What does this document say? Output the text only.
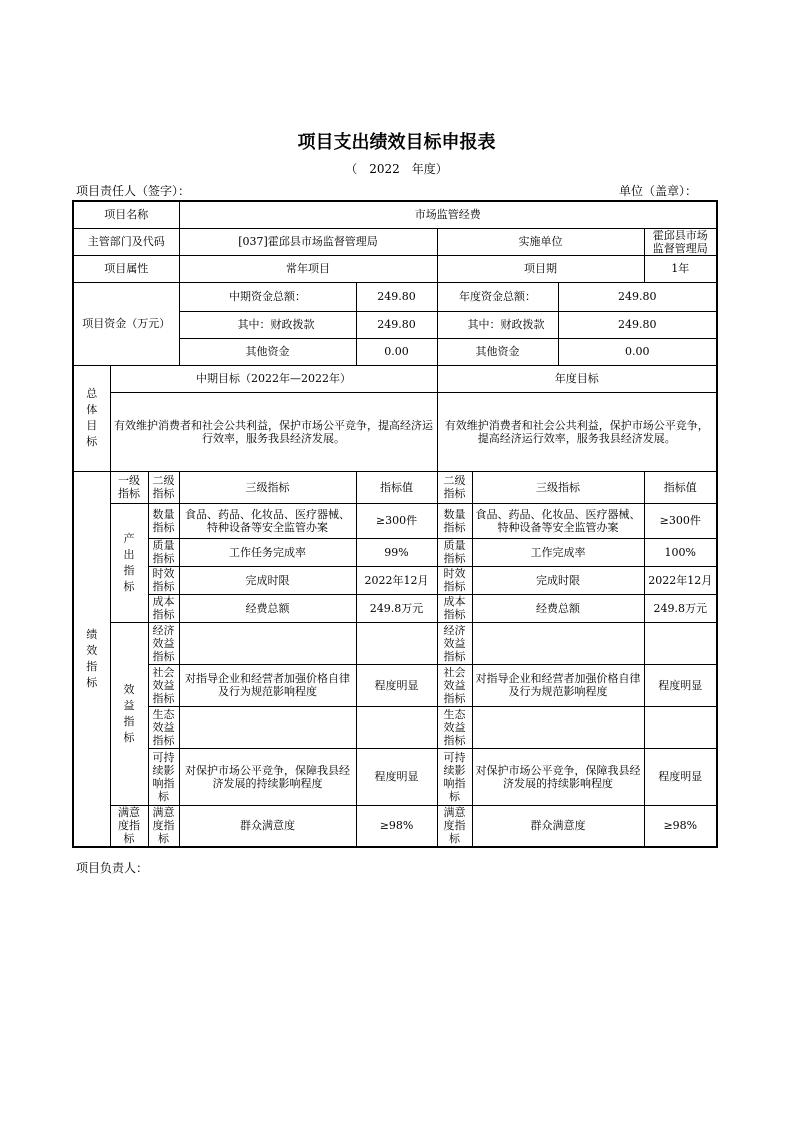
项目支出绩效目标申报表
（　2022　年度）
项目责任人（签字）：	单位（盖章）：
项目名称			市场监管经费					
主管部门及代码			[037]霍邱县市场监督管理局		实施单位			霍邱县市场监督管理局
项目属性			常年项目		项目期			1年
项目资金（万元）			中期资金总额：	249.80	年度资金总额：		249.80	
			其中：财政拨款	249.80	其中：财政拨款		249.80	
			其他资金	0.00	其他资金		0.00	
总体目标	中期目标（2022年—2022年）				年度目标			
	有效维护消费者和社会公共利益，保护市场公平竞争，提高经济运行效率，服务我县经济发展。				有效维护消费者和社会公共利益，保护市场公平竞争，提高经济运行效率，服务我县经济发展。			
绩效指标	一级指标	二级指标	三级指标	指标值	二级指标	三级指标		指标值
	产出指标	数量指标	食品、药品、化妆品、医疗器械、特种设备等安全监管办案	≥300件	数量指标	食品、药品、化妆品、医疗器械、特种设备等安全监管办案		≥300件
		质量指标	工作任务完成率	99%	质量指标	工作完成率		100%
		时效指标	完成时限	2022年12月	时效指标	完成时限		2022年12月
		成本指标	经费总额	249.8万元	成本指标	经费总额		249.8万元
	效益指标	经济效益指标			经济效益指标			
		社会效益指标	对指导企业和经营者加强价格自律及行为规范影响程度	程度明显	社会效益指标	对指导企业和经营者加强价格自律及行为规范影响程度		程度明显
		生态效益指标			生态效益指标			
		可持续影响指标	对保护市场公平竞争，保障我县经济发展的持续影响程度	程度明显	可持续影响指标	对保护市场公平竞争，保障我县经济发展的持续影响程度		程度明显
	满意度指标	满意度指标	群众满意度	≥98%	满意度指标	群众满意度		≥98%
项目负责人：
